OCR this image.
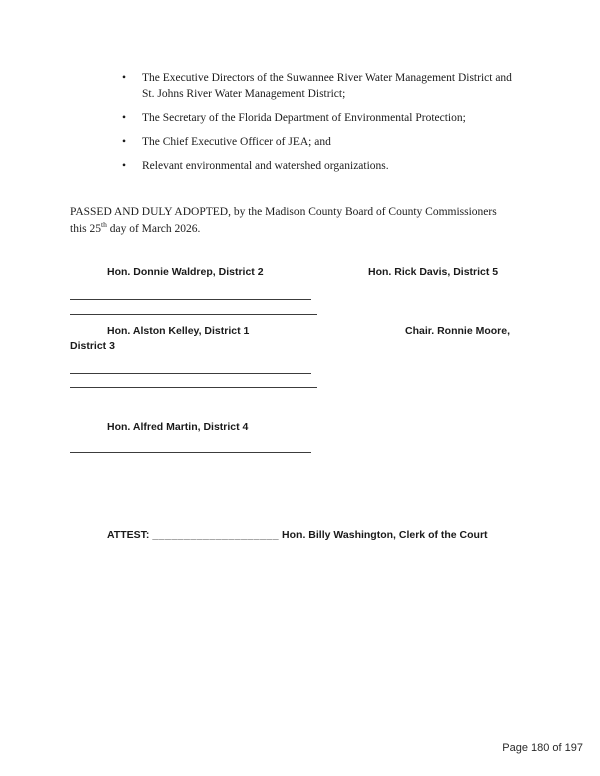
•	The Executive Directors of the Suwannee River Water Management District and
St. Johns River Water Management District;
•	The Secretary of the Florida Department of Environmental Protection;
•	The Chief Executive Officer of JEA; and
•	Relevant environmental and watershed organizations.
PASSED AND DULY ADOPTED, by the Madison County Board of County Commissioners
this 25th day of March 2026.
Hon. Donnie Waldrep, District 2	Hon. Rick Davis, District 5
Hon. Alston Kelley, District 1	Chair. Ronnie Moore,
District 3
Hon. Alfred Martin, District 4
ATTEST: ____________________ Hon. Billy Washington, Clerk of the Court
Page 180 of 197
